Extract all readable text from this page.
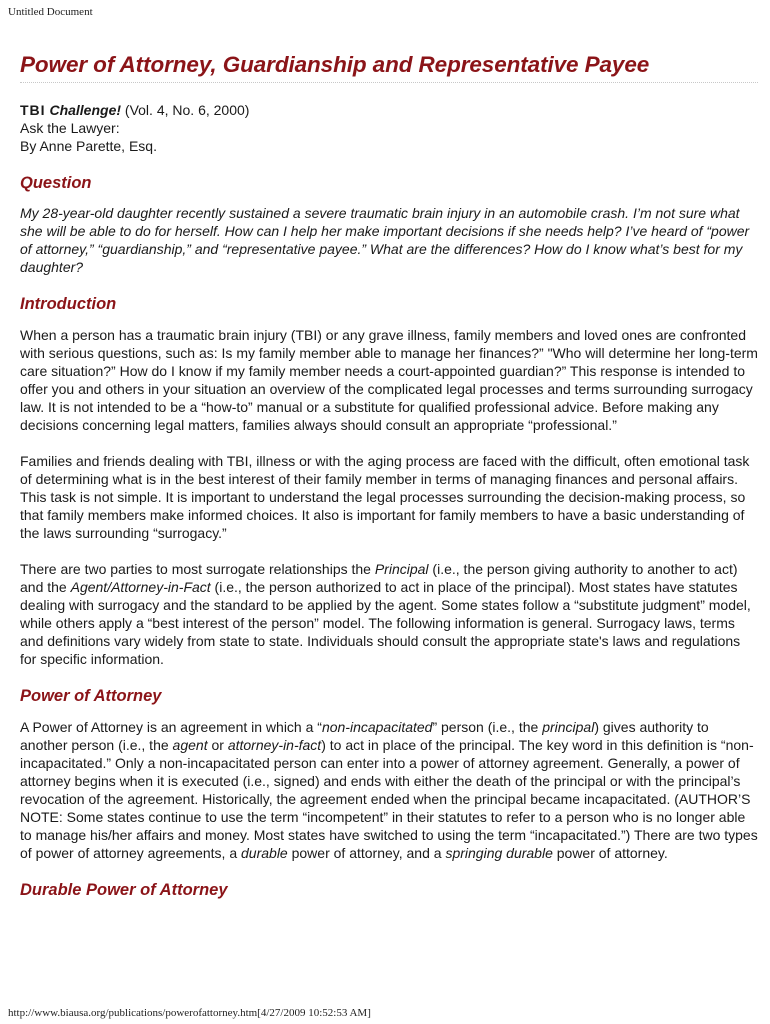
Untitled Document
Power of Attorney, Guardianship and Representative Payee
TBI Challenge! (Vol. 4, No. 6, 2000)
Ask the Lawyer:
By Anne Parette, Esq.
Question

My 28-year-old daughter recently sustained a severe traumatic brain injury in an automobile crash. I’m not sure what she will be able to do for herself. How can I help her make important decisions if she needs help? I’ve heard of “power of attorney,” “guardianship,” and “representative payee.” What are the differences? How do I know what’s best for my daughter?

Introduction

When a person has a traumatic brain injury (TBI) or any grave illness, family members and loved ones are confronted with serious questions, such as: Is my family member able to manage her finances?” "Who will determine her long-term care situation?” How do I know if my family member needs a court-appointed guardian?” This response is intended to offer you and others in your situation an overview of the complicated legal processes and terms surrounding surrogacy law. It is not intended to be a “how-to” manual or a substitute for qualified professional advice. Before making any decisions concerning legal matters, families always should consult an appropriate “professional.”

Families and friends dealing with TBI, illness or with the aging process are faced with the difficult, often emotional task of determining what is in the best interest of their family member in terms of managing finances and personal affairs. This task is not simple. It is important to understand the legal processes surrounding the decision-making process, so that family members make informed choices. It also is important for family members to have a basic understanding of the laws surrounding “surrogacy.”

There are two parties to most surrogate relationships the Principal (i.e., the person giving authority to another to act) and the Agent/Attorney-in-Fact (i.e., the person authorized to act in place of the principal). Most states have statutes dealing with surrogacy and the standard to be applied by the agent. Some states follow a “substitute judgment” model, while others apply a “best interest of the person” model. The following information is general. Surrogacy laws, terms and definitions vary widely from state to state. Individuals should consult the appropriate state's laws and regulations for specific information.

Power of Attorney

A Power of Attorney is an agreement in which a “non-incapacitated” person (i.e., the principal) gives authority to another person (i.e., the agent or attorney-in-fact) to act in place of the principal. The key word in this definition is “non-incapacitated.” Only a non-incapacitated person can enter into a power of attorney agreement. Generally, a power of attorney begins when it is executed (i.e., signed) and ends with either the death of the principal or with the principal’s revocation of the agreement. Historically, the agreement ended when the principal became incapacitated. (AUTHOR’S NOTE: Some states continue to use the term “incompetent” in their statutes to refer to a person who is no longer able to manage his/her affairs and money. Most states have switched to using the term “incapacitated.”) There are two types of power of attorney agreements, a durable power of attorney, and a springing durable power of attorney.

Durable Power of Attorney
http://www.biausa.org/publications/powerofattorney.htm[4/27/2009 10:52:53 AM]
